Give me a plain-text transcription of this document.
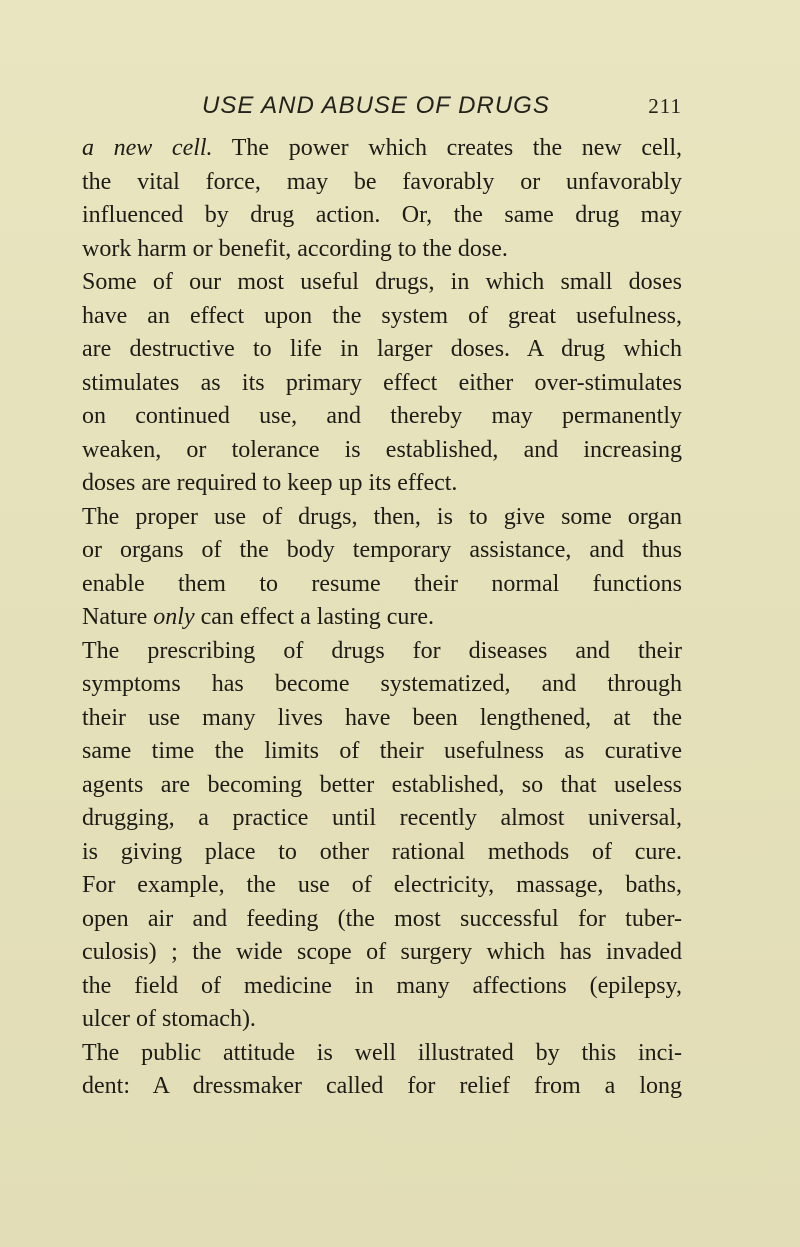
USE AND ABUSE OF DRUGS	211
a new cell. The power which creates the new cell,
the vital force, may be favorably or unfavorably
influenced by drug action. Or, the same drug may
work harm or benefit, according to the dose.
Some of our most useful drugs, in which small doses
have an effect upon the system of great usefulness,
are destructive to life in larger doses. A drug which
stimulates as its primary effect either over-stimulates
on continued use, and thereby may permanently
weaken, or tolerance is established, and increasing
doses are required to keep up its effect.
The proper use of drugs, then, is to give some organ
or organs of the body temporary assistance, and thus
enable them to resume their normal functions
Nature only can effect a lasting cure.
The prescribing of drugs for diseases and their
symptoms has become systematized, and through
their use many lives have been lengthened, at the
same time the limits of their usefulness as curative
agents are becoming better established, so that useless
drugging, a practice until recently almost universal,
is giving place to other rational methods of cure.
For example, the use of electricity, massage, baths,
open air and feeding (the most successful for tuber-
culosis) ; the wide scope of surgery which has invaded
the field of medicine in many affections (epilepsy,
ulcer of stomach).
The public attitude is well illustrated by this inci-
dent: A dressmaker called for relief from a long
